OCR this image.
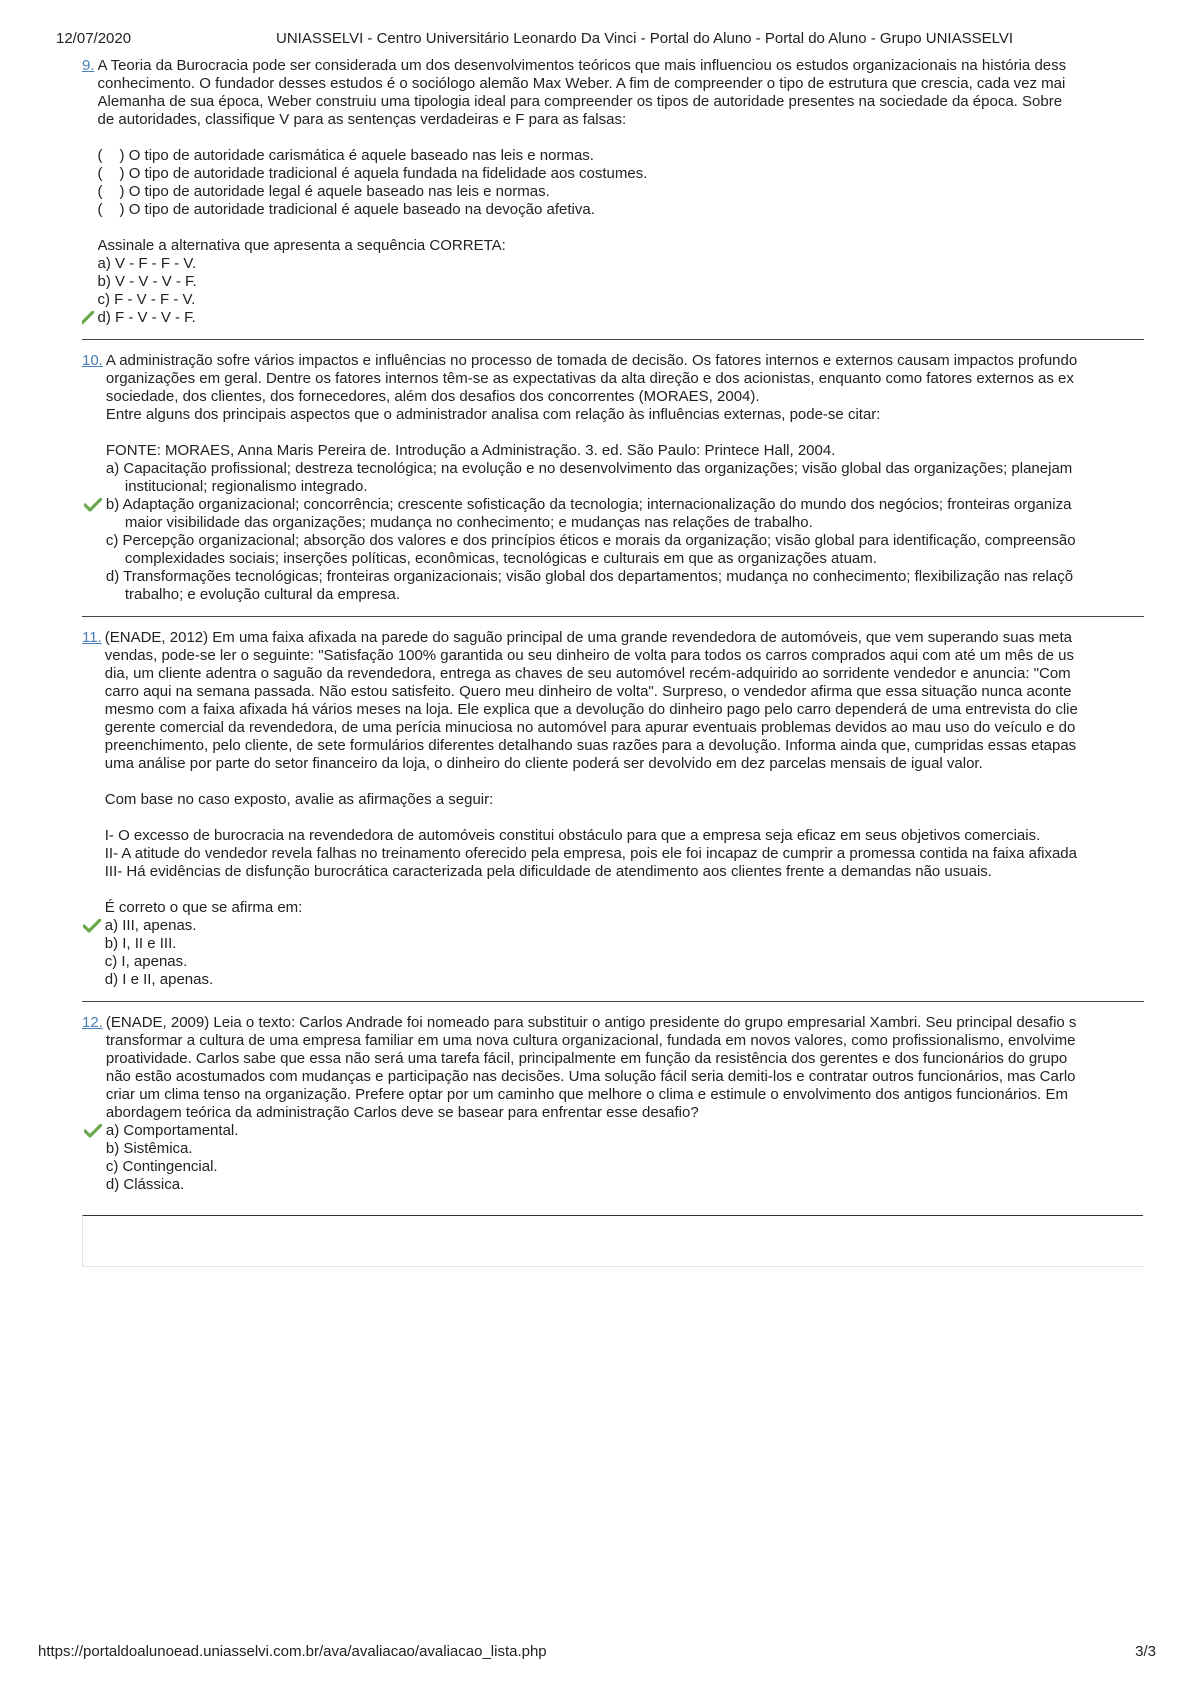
12/07/2020	UNIASSELVI - Centro Universitário Leonardo Da Vinci - Portal do Aluno - Portal do Aluno - Grupo UNIASSELVI
9. A Teoria da Burocracia pode ser considerada um dos desenvolvimentos teóricos que mais influenciou os estudos organizacionais na história dess
conhecimento. O fundador desses estudos é o sociólogo alemão Max Weber. A fim de compreender o tipo de estrutura que crescia, cada vez mai
Alemanha de sua época, Weber construiu uma tipologia ideal para compreender os tipos de autoridade presentes na sociedade da época. Sobre
de autoridades, classifique V para as sentenças verdadeiras e F para as falsas:
( ) O tipo de autoridade carismática é aquele baseado nas leis e normas.
( ) O tipo de autoridade tradicional é aquela fundada na fidelidade aos costumes.
( ) O tipo de autoridade legal é aquele baseado nas leis e normas.
( ) O tipo de autoridade tradicional é aquele baseado na devoção afetiva.
Assinale a alternativa que apresenta a sequência CORRETA:
a) V - F - F - V.
b) V - V - V - F.
c) F - V - F - V.
d) F - V - V - F.
10. A administração sofre vários impactos e influências no processo de tomada de decisão. Os fatores internos e externos causam impactos profundo
organizações em geral. Dentre os fatores internos têm-se as expectativas da alta direção e dos acionistas, enquanto como fatores externos as ex
sociedade, dos clientes, dos fornecedores, além dos desafios dos concorrentes (MORAES, 2004).
Entre alguns dos principais aspectos que o administrador analisa com relação às influências externas, pode-se citar:
FONTE: MORAES, Anna Maris Pereira de. Introdução a Administração. 3. ed. São Paulo: Printece Hall, 2004.
a) Capacitação profissional; destreza tecnológica; na evolução e no desenvolvimento das organizações; visão global das organizações; planejam
institucional; regionalismo integrado.
b) Adaptação organizacional; concorrência; crescente sofisticação da tecnologia; internacionalização do mundo dos negócios; fronteiras organiza
maior visibilidade das organizações; mudança no conhecimento; e mudanças nas relações de trabalho.
c) Percepção organizacional; absorção dos valores e dos princípios éticos e morais da organização; visão global para identificação, compreensão
complexidades sociais; inserções políticas, econômicas, tecnológicas e culturais em que as organizações atuam.
d) Transformações tecnológicas; fronteiras organizacionais; visão global dos departamentos; mudança no conhecimento; flexibilização nas relaçõ
trabalho; e evolução cultural da empresa.
11. (ENADE, 2012) Em uma faixa afixada na parede do saguão principal de uma grande revendedora de automóveis, que vem superando suas meta
vendas, pode-se ler o seguinte: "Satisfação 100% garantida ou seu dinheiro de volta para todos os carros comprados aqui com até um mês de us
dia, um cliente adentra o saguão da revendedora, entrega as chaves de seu automóvel recém-adquirido ao sorridente vendedor e anuncia: "Com
carro aqui na semana passada. Não estou satisfeito. Quero meu dinheiro de volta". Surpreso, o vendedor afirma que essa situação nunca aconte
mesmo com a faixa afixada há vários meses na loja. Ele explica que a devolução do dinheiro pago pelo carro dependerá de uma entrevista do clie
gerente comercial da revendedora, de uma perícia minuciosa no automóvel para apurar eventuais problemas devidos ao mau uso do veículo e do
preenchimento, pelo cliente, de sete formulários diferentes detalhando suas razões para a devolução. Informa ainda que, cumpridas essas etapas
uma análise por parte do setor financeiro da loja, o dinheiro do cliente poderá ser devolvido em dez parcelas mensais de igual valor.
Com base no caso exposto, avalie as afirmações a seguir:
I- O excesso de burocracia na revendedora de automóveis constitui obstáculo para que a empresa seja eficaz em seus objetivos comerciais.
II- A atitude do vendedor revela falhas no treinamento oferecido pela empresa, pois ele foi incapaz de cumprir a promessa contida na faixa afixada
III- Há evidências de disfunção burocrática caracterizada pela dificuldade de atendimento aos clientes frente a demandas não usuais.
É correto o que se afirma em:
a) III, apenas.
b) I, II e III.
c) I, apenas.
d) I e II, apenas.
12. (ENADE, 2009) Leia o texto: Carlos Andrade foi nomeado para substituir o antigo presidente do grupo empresarial Xambri. Seu principal desafio s
transformar a cultura de uma empresa familiar em uma nova cultura organizacional, fundada em novos valores, como profissionalismo, envolvime
proatividade. Carlos sabe que essa não será uma tarefa fácil, principalmente em função da resistência dos gerentes e dos funcionários do grupo
não estão acostumados com mudanças e participação nas decisões. Uma solução fácil seria demiti-los e contratar outros funcionários, mas Carlo
criar um clima tenso na organização. Prefere optar por um caminho que melhore o clima e estimule o envolvimento dos antigos funcionários. Em
abordagem teórica da administração Carlos deve se basear para enfrentar esse desafio?
a) Comportamental.
b) Sistêmica.
c) Contingencial.
d) Clássica.
https://portaldoalunoead.uniasselvi.com.br/ava/avaliacao/avaliacao_lista.php	3/3
